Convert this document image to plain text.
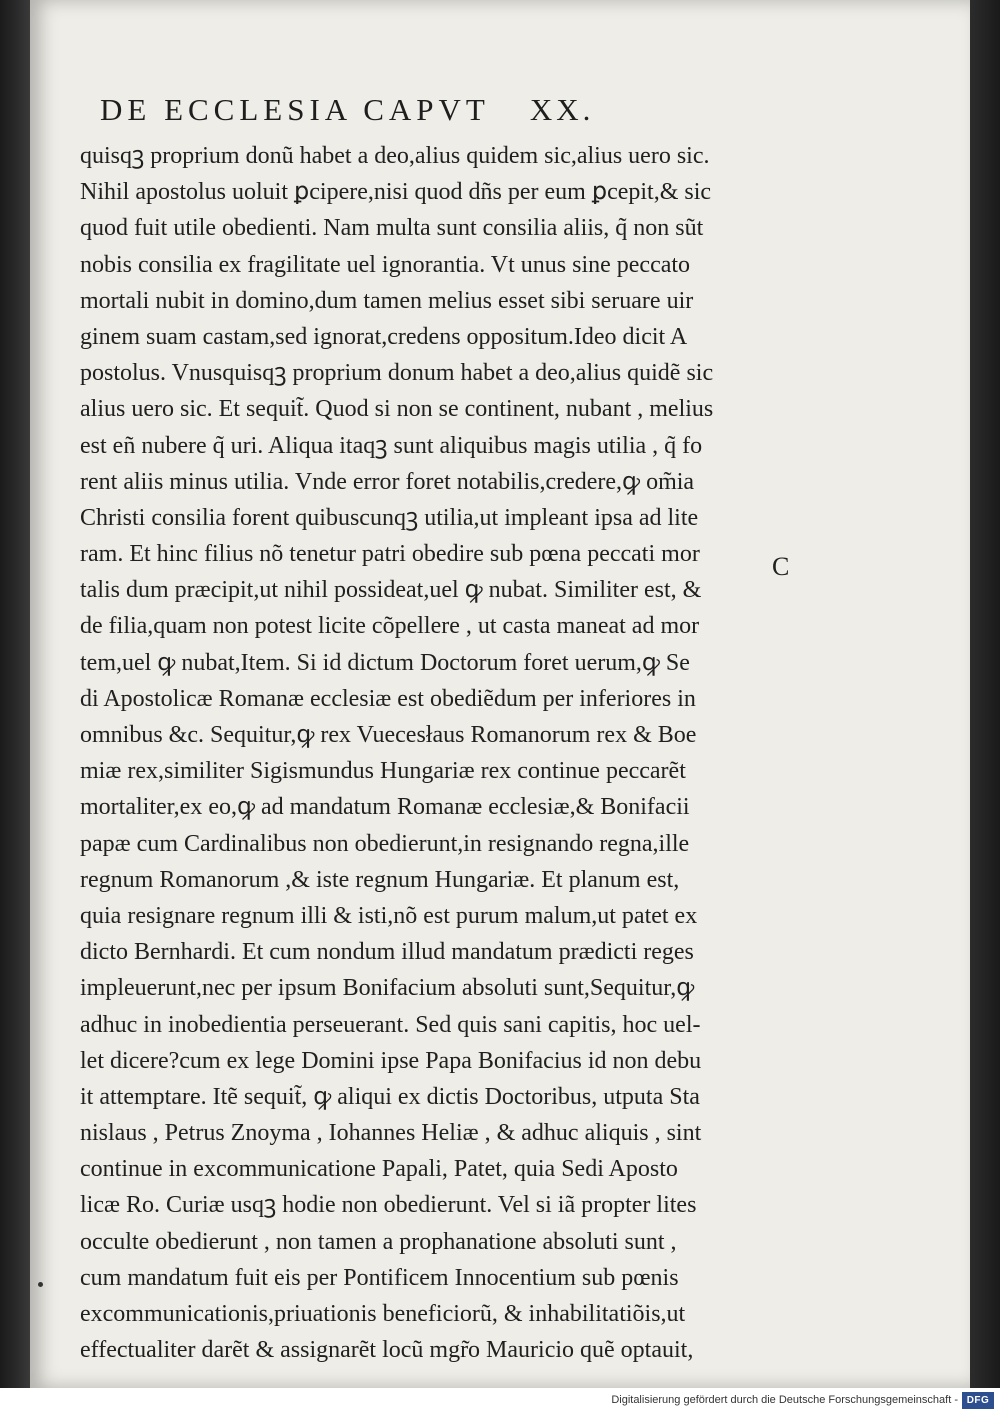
DE ECCLESIA CAPVT XX.
quisqꝫ proprium donũ habet a deo,alius quidem sic,alius uero sic.
Nihil apostolus uoluit ꝑcipere,nisi quod dñs per eum ꝑcepit,& sic
quod fuit utile obedienti. Nam multa sunt consilia aliis, q̃ non sũt
nobis consilia ex fragilitate uel ignorantia. Vt unus sine peccato
mortali nubit in domino,dum tamen melius esset sibi seruare uir
ginem suam castam,sed ignorat,credens oppositum.Ideo dicit A
postolus. Vnusquisqꝫ proprium donum habet a deo,alius quidẽ sic
alius uero sic. Et sequit̃. Quod si non se continent, nubant , melius
est eñ nubere q̃ uri. Aliqua itaqꝫ sunt aliquibus magis utilia , q̃ fo
rent aliis minus utilia. Vnde error foret notabilis,credere,ꝙ om̃ia
Christi consilia forent quibuscunqꝫ utilia,ut impleant ipsa ad lite
ram. Et hinc filius nõ tenetur patri obedire sub pœna peccati mor
talis dum præcipit,ut nihil possideat,uel ꝙ nubat. Similiter est, &
de filia,quam non potest licite cõpellere , ut casta maneat ad mor
tem,uel ꝙ nubat,Item. Si id dictum Doctorum foret uerum,ꝙ Se
di Apostolicæ Romanæ ecclesiæ est obediẽdum per inferiores in
omnibus &c. Sequitur,ꝙ rex Vuecesłaus Romanorum rex & Boe
miæ rex,similiter Sigismundus Hungariæ rex continue peccarẽt
mortaliter,ex eo,ꝙ ad mandatum Romanæ ecclesiæ,& Bonifacii
papæ cum Cardinalibus non obedierunt,in resignando regna,ille
regnum Romanorum ,& iste regnum Hungariæ. Et planum est,
quia resignare regnum illi & isti,nõ est purum malum,ut patet ex
dicto Bernhardi. Et cum nondum illud mandatum prædicti reges
impleuerunt,nec per ipsum Bonifacium absoluti sunt,Sequitur,ꝙ
adhuc in inobedientia perseuerant. Sed quis sani capitis, hoc uel-
let dicere?cum ex lege Domini ipse Papa Bonifacius id non debu
it attemptare. Itẽ sequit̃, ꝙ aliqui ex dictis Doctoribus, utputa Sta
nislaus , Petrus Znoyma , Iohannes Heliæ , & adhuc aliquis , sint
continue in excommunicatione Papali, Patet, quia Sedi Aposto
licæ Ro. Curiæ usqꝫ hodie non obedierunt. Vel si iã propter lites
occulte obedierunt , non tamen a prophanatione absoluti sunt ,
cum mandatum fuit eis per Pontificem Innocentium sub pœnis
excommunicationis,priuationis beneficiorũ, & inhabilitatiõis,ut
effectualiter darẽt & assignarẽt locũ mgr̃o Mauricio quẽ optauit,
C
Digitalisierung gefördert durch die Deutsche Forschungsgemeinschaft - DFG
